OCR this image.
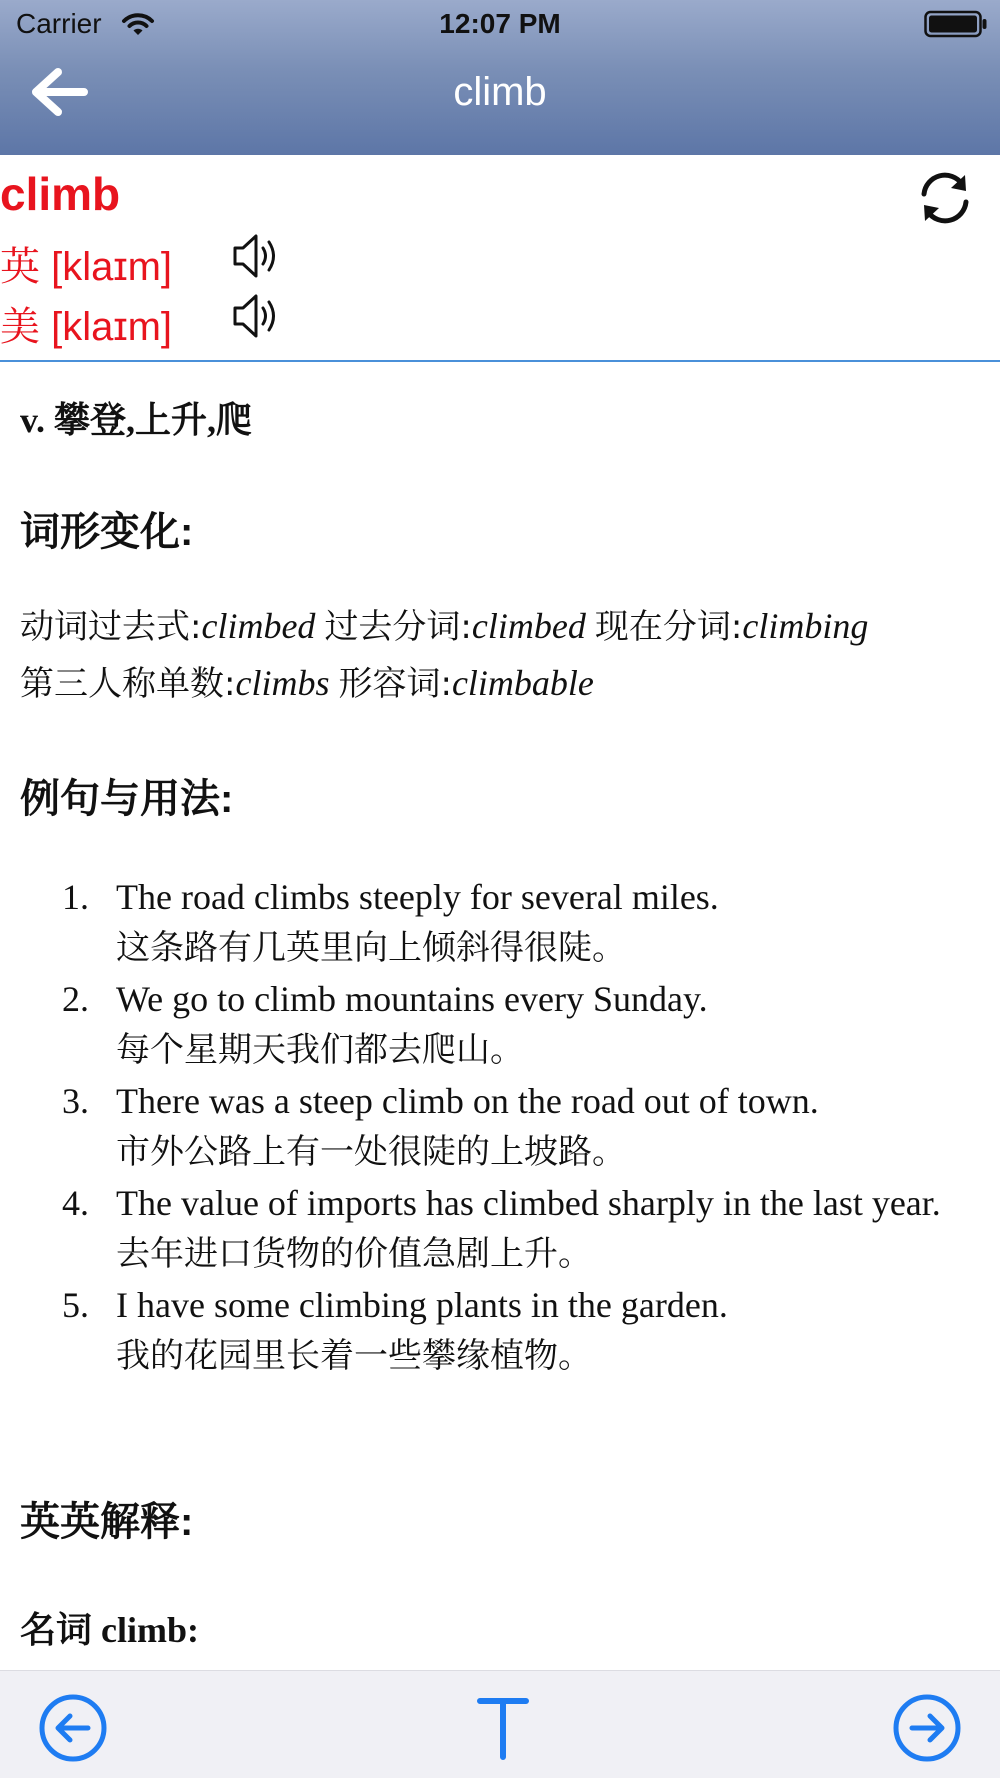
Carrier	12:07 PM
climb
climb
英 [klaɪm]
美 [klaɪm]
v. 攀登,上升,爬
词形变化:
动词过去式:climbed 过去分词:climbed 现在分词:climbing
第三人称单数:climbs 形容词:climbable
例句与用法:
1. The road climbs steeply for several miles.
这条路有几英里向上倾斜得很陡。
2. We go to climb mountains every Sunday.
每个星期天我们都去爬山。
3. There was a steep climb on the road out of town.
市外公路上有一处很陡的上坡路。
4. The value of imports has climbed sharply in the last year.
去年进口货物的价值急剧上升。
5. I have some climbing plants in the garden.
我的花园里长着一些攀缘植物。
英英解释:
名词 climb:
